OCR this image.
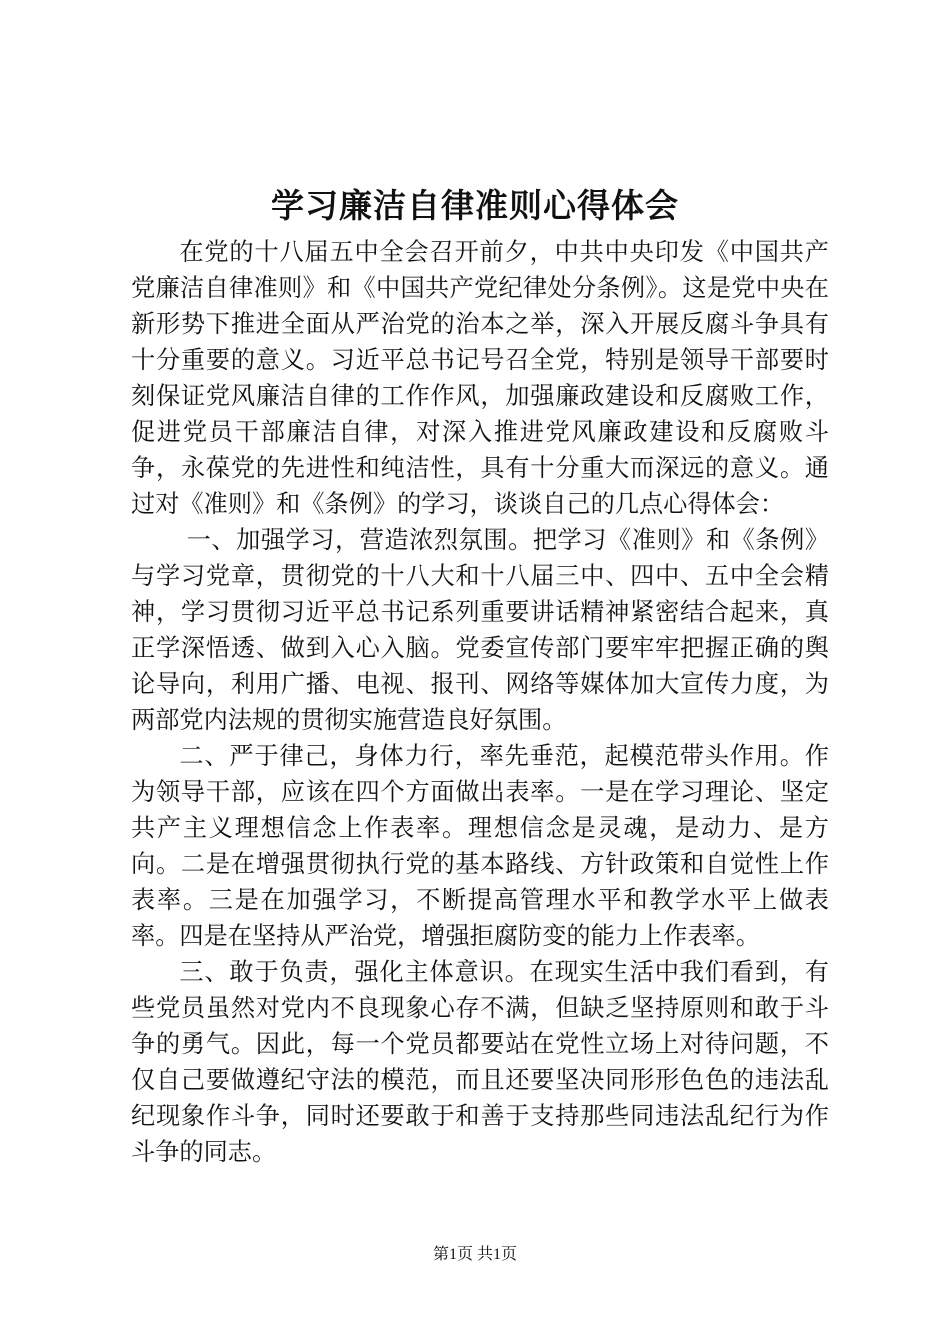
学习廉洁自律准则心得体会

在党的十八届五中全会召开前夕，中共中央印发《中国共产党廉洁自律准则》和《中国共产党纪律处分条例》。这是党中央在新形势下推进全面从严治党的治本之举，深入开展反腐斗争具有十分重要的意义。习近平总书记号召全党，特别是领导干部要时刻保证党风廉洁自律的工作作风，加强廉政建设和反腐败工作，促进党员干部廉洁自律，对深入推进党风廉政建设和反腐败斗争，永葆党的先进性和纯洁性，具有十分重大而深远的意义。通过对《准则》和《条例》的学习，谈谈自己的几点心得体会：

一、加强学习，营造浓烈氛围。把学习《准则》和《条例》与学习党章，贯彻党的十八大和十八届三中、四中、五中全会精神，学习贯彻习近平总书记系列重要讲话精神紧密结合起来，真正学深悟透、做到入心入脑。党委宣传部门要牢牢把握正确的舆论导向，利用广播、电视、报刊、网络等媒体加大宣传力度，为两部党内法规的贯彻实施营造良好氛围。

二、严于律己，身体力行，率先垂范，起模范带头作用。作为领导干部，应该在四个方面做出表率。一是在学习理论、坚定共产主义理想信念上作表率。理想信念是灵魂，是动力、是方向。二是在增强贯彻执行党的基本路线、方针政策和自觉性上作表率。三是在加强学习，不断提高管理水平和教学水平上做表率。四是在坚持从严治党，增强拒腐防变的能力上作表率。

三、敢于负责，强化主体意识。在现实生活中我们看到，有些党员虽然对党内不良现象心存不满，但缺乏坚持原则和敢于斗争的勇气。因此，每一个党员都要站在党性立场上对待问题，不仅自己要做遵纪守法的模范，而且还要坚决同形形色色的违法乱纪现象作斗争，同时还要敢于和善于支持那些同违法乱纪行为作斗争的同志。

第1页 共1页
